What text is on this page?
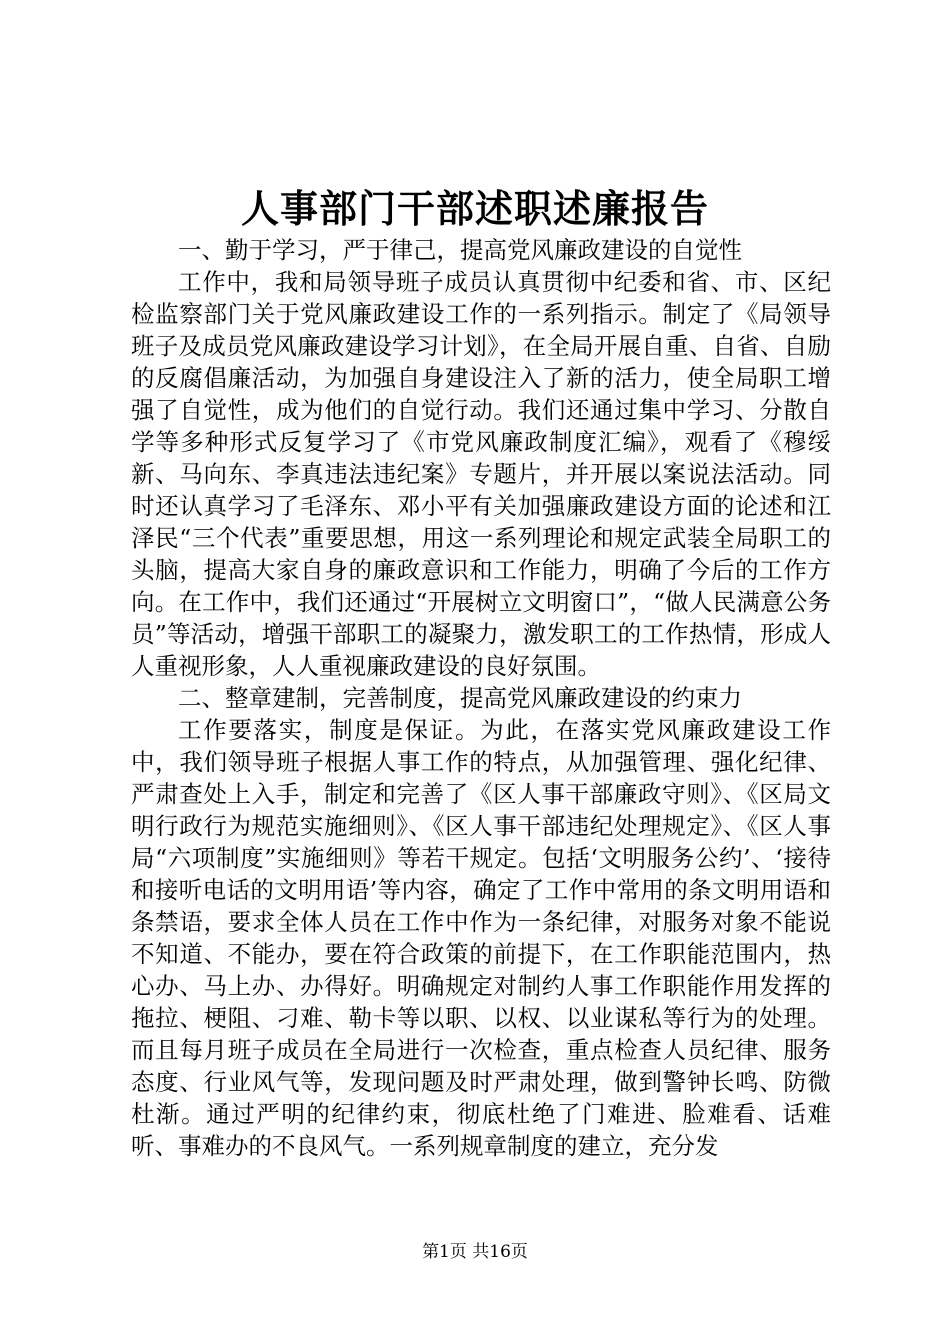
人事部门干部述职述廉报告

一、勤于学习，严于律己，提高党风廉政建设的自觉性

工作中，我和局领导班子成员认真贯彻中纪委和省、市、区纪检监察部门关于党风廉政建设工作的一系列指示。制定了《局领导班子及成员党风廉政建设学习计划》，在全局开展自重、自省、自励的反腐倡廉活动，为加强自身建设注入了新的活力，使全局职工增强了自觉性，成为他们的自觉行动。我们还通过集中学习、分散自学等多种形式反复学习了《市党风廉政制度汇编》，观看了《穆绥新、马向东、李真违法违纪案》专题片，并开展以案说法活动。同时还认真学习了毛泽东、邓小平有关加强廉政建设方面的论述和江泽民“三个代表”重要思想，用这一系列理论和规定武装全局职工的头脑，提高大家自身的廉政意识和工作能力，明确了今后的工作方向。在工作中，我们还通过“开展树立文明窗口”，“做人民满意公务员”等活动，增强干部职工的凝聚力，激发职工的工作热情，形成人人重视形象，人人重视廉政建设的良好氛围。

二、整章建制，完善制度，提高党风廉政建设的约束力

工作要落实，制度是保证。为此，在落实党风廉政建设工作中，我们领导班子根据人事工作的特点，从加强管理、强化纪律、严肃查处上入手，制定和完善了《区人事干部廉政守则》、《区局文明行政行为规范实施细则》、《区人事干部违纪处理规定》、《区人事局“六项制度”实施细则》等若干规定。包括‘文明服务公约’、‘接待和接听电话的文明用语’等内容，确定了工作中常用的条文明用语和条禁语，要求全体人员在工作中作为一条纪律，对服务对象不能说不知道、不能办，要在符合政策的前提下，在工作职能范围内，热心办、马上办、办得好。明确规定对制约人事工作职能作用发挥的拖拉、梗阻、刁难、勒卡等以职、以权、以业谋私等行为的处理。而且每月班子成员在全局进行一次检查，重点检查人员纪律、服务态度、行业风气等，发现问题及时严肃处理，做到警钟长鸣、防微杜渐。通过严明的纪律约束，彻底杜绝了门难进、脸难看、话难听、事难办的不良风气。一系列规章制度的建立，充分发

第1页 共16页
